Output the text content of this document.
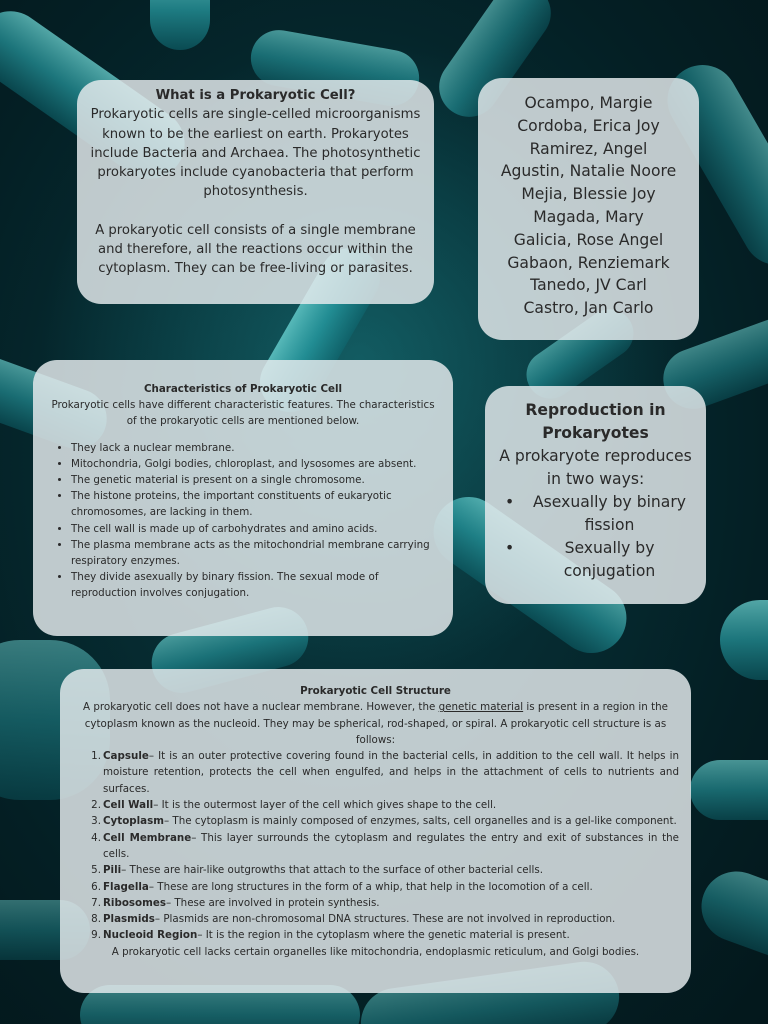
What is a Prokaryotic Cell?

Prokaryotic cells are single-celled microorganisms known to be the earliest on earth. Prokaryotes include Bacteria and Archaea. The photosynthetic prokaryotes include cyanobacteria that perform photosynthesis.

A prokaryotic cell consists of a single membrane and therefore, all the reactions occur within the cytoplasm. They can be free-living or parasites.

Ocampo, Margie
Cordoba, Erica Joy
Ramirez, Angel
Agustin, Natalie Noore
Mejia, Blessie Joy
Magada, Mary
Galicia, Rose Angel
Gabaon, Renziemark
Tanedo, JV Carl
Castro, Jan Carlo
Characteristics of Prokaryotic Cell

Prokaryotic cells have different characteristic features. The characteristics of the prokaryotic cells are mentioned below.

• They lack a nuclear membrane.
• Mitochondria, Golgi bodies, chloroplast, and lysosomes are absent.
• The genetic material is present on a single chromosome.
• The histone proteins, the important constituents of eukaryotic chromosomes, are lacking in them.
• The cell wall is made up of carbohydrates and amino acids.
• The plasma membrane acts as the mitochondrial membrane carrying respiratory enzymes.
• They divide asexually by binary fission. The sexual mode of reproduction involves conjugation.
Reproduction in Prokaryotes
A prokaryote reproduces in two ways:
• Asexually by binary fission
•	Sexually by conjugation
Prokaryotic Cell Structure

A prokaryotic cell does not have a nuclear membrane. However, the genetic material is present in a region in the cytoplasm known as the nucleoid. They may be spherical, rod-shaped, or spiral. A prokaryotic cell structure is as follows:

1. Capsule– It is an outer protective covering found in the bacterial cells, in addition to the cell wall. It helps in moisture retention, protects the cell when engulfed, and helps in the attachment of cells to nutrients and surfaces.
2. Cell Wall– It is the outermost layer of the cell which gives shape to the cell.
3. Cytoplasm– The cytoplasm is mainly composed of enzymes, salts, cell organelles and is a gel-like component.
4. Cell Membrane– This layer surrounds the cytoplasm and regulates the entry and exit of substances in the cells.
5. Pili– These are hair-like outgrowths that attach to the surface of other bacterial cells.
6. Flagella– These are long structures in the form of a whip, that help in the locomotion of a cell.
7. Ribosomes– These are involved in protein synthesis.
8. Plasmids– Plasmids are non-chromosomal DNA structures. These are not involved in reproduction.
9. Nucleoid Region– It is the region in the cytoplasm where the genetic material is present.

A prokaryotic cell lacks certain organelles like mitochondria, endoplasmic reticulum, and Golgi bodies.
